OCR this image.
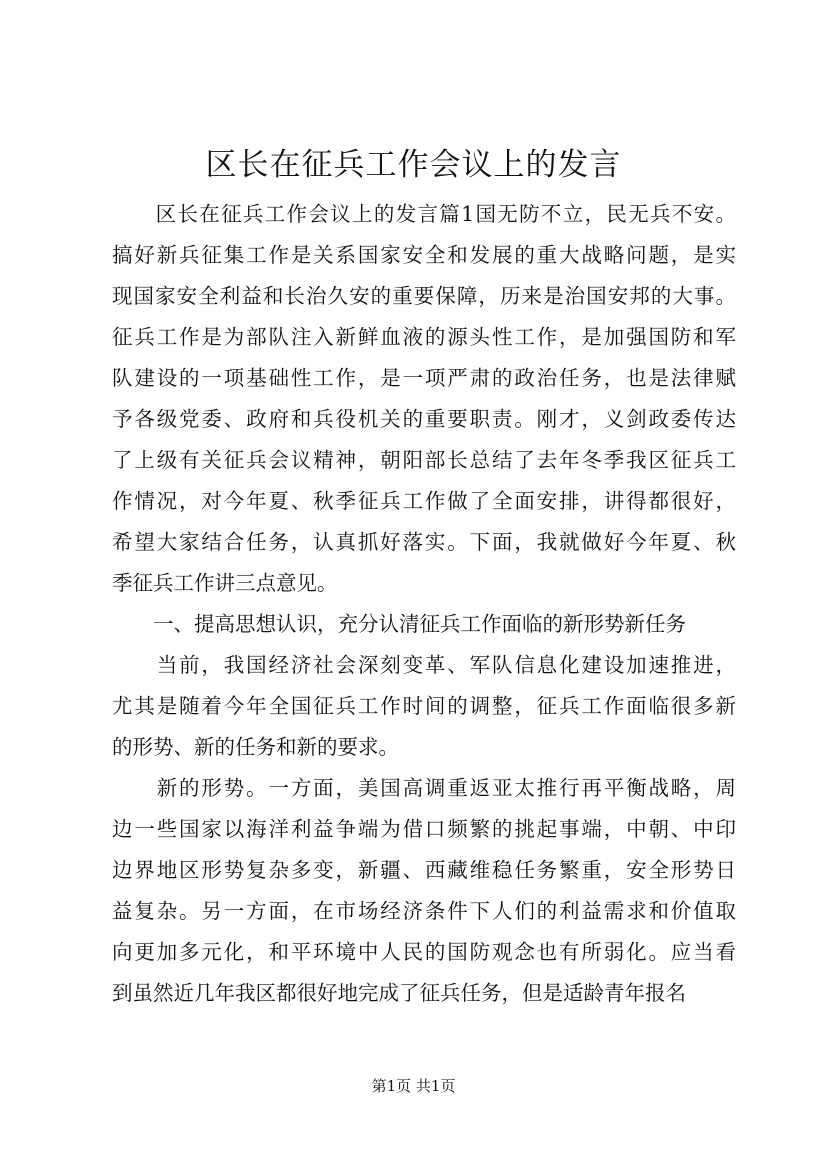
区长在征兵工作会议上的发言
　　区长在征兵工作会议上的发言篇1国无防不立，民无兵不安。
搞好新兵征集工作是关系国家安全和发展的重大战略问题，是实
现国家安全利益和长治久安的重要保障，历来是治国安邦的大事。
征兵工作是为部队注入新鲜血液的源头性工作，是加强国防和军
队建设的一项基础性工作，是一项严肃的政治任务，也是法律赋
予各级党委、政府和兵役机关的重要职责。刚才，义剑政委传达
了上级有关征兵会议精神，朝阳部长总结了去年冬季我区征兵工
作情况，对今年夏、秋季征兵工作做了全面安排，讲得都很好，
希望大家结合任务，认真抓好落实。下面，我就做好今年夏、秋
季征兵工作讲三点意见。
　　一、提高思想认识，充分认清征兵工作面临的新形势新任务
　　当前，我国经济社会深刻变革、军队信息化建设加速推进，
尤其是随着今年全国征兵工作时间的调整，征兵工作面临很多新
的形势、新的任务和新的要求。
　　新的形势。一方面，美国高调重返亚太推行再平衡战略，周
边一些国家以海洋利益争端为借口频繁的挑起事端，中朝、中印
边界地区形势复杂多变，新疆、西藏维稳任务繁重，安全形势日
益复杂。另一方面，在市场经济条件下人们的利益需求和价值取
向更加多元化，和平环境中人民的国防观念也有所弱化。应当看
到虽然近几年我区都很好地完成了征兵任务，但是适龄青年报名
第1页 共1页
